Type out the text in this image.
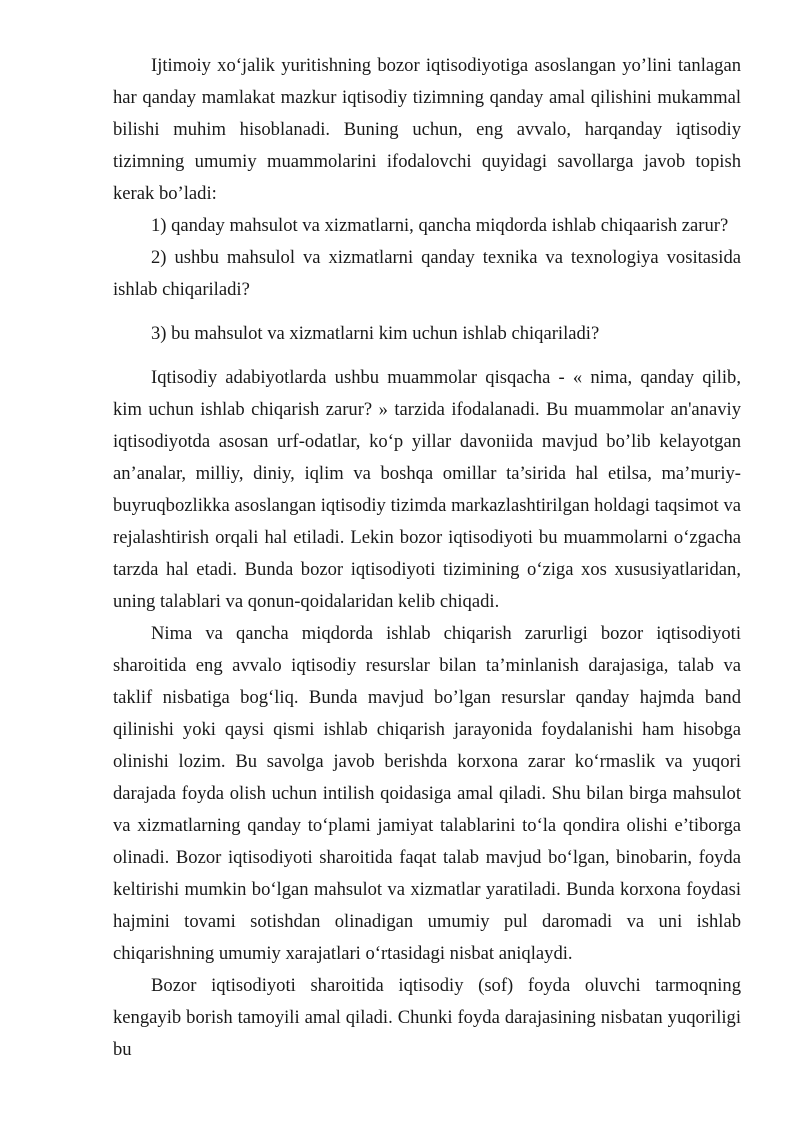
Ijtimoiy xoʻjalik yuritishning bozor iqtisodiyotiga asoslangan yo’lini tanlagan har qanday mamlakat mazkur iqtisodiy tizimning qanday amal qilishini mukammal bilishi muhim hisoblanadi. Buning uchun, eng avvalo, harqanday iqtisodiy tizimning umumiy muammolarini ifodalovchi quyidagi savollarga javob topish kerak bo’ladi:

1) qanday mahsulot va xizmatlarni, qancha miqdorda ishlab chiqaarish zarur?

2) ushbu mahsulol va xizmatlarni qanday texnika va texnologiya vositasida ishlab chiqariladi?

3) bu mahsulot va xizmatlarni kim uchun ishlab chiqariladi?

Iqtisodiy adabiyotlarda ushbu muammolar qisqacha - « nima, qanday qilib, kim uchun ishlab chiqarish zarur? » tarzida ifodalanadi. Bu muammolar an'anaviy iqtisodiyotda asosan urf-odatlar, koʻp yillar davoniida mavjud bo’lib kelayotgan an’analar, milliy, diniy, iqlim va boshqa omillar ta’sirida hal etilsa, ma’muriy-buyruqbozlikka asoslangan iqtisodiy tizimda markazlashtirilgan holdagi taqsimot va rejalashtirish orqali hal etiladi. Lekin bozor iqtisodiyoti bu muammolarni oʻzgacha tarzda hal etadi. Bunda bozor iqtisodiyoti tizimining oʻziga xos xususiyatlaridan, uning talablari va qonun-qoidalaridan kelib chiqadi.

Nima va qancha miqdorda ishlab chiqarish zarurligi bozor iqtisodiyoti sharoitida eng avvalo iqtisodiy resurslar bilan ta’minlanish darajasiga, talab va taklif nisbatiga bogʻliq. Bunda mavjud bo’lgan resurslar qanday hajmda band qilinishi yoki qaysi qismi ishlab chiqarish jarayonida foydalanishi ham hisobga olinishi lozim. Bu savolga javob berishda korxona zarar koʻrmaslik va yuqori darajada foyda olish uchun intilish qoidasiga amal qiladi. Shu bilan birga mahsulot va xizmatlarning qanday toʻplami jamiyat talablarini toʻla qondira olishi e’tiborga olinadi. Bozor iqtisodiyoti sharoitida faqat talab mavjud boʻlgan, binobarin, foyda keltirishi mumkin boʻlgan mahsulot va xizmatlar yaratiladi. Bunda korxona foydasi hajmini tovami sotishdan olinadigan umumiy pul daromadi va uni ishlab chiqarishning umumiy xarajatlari oʻrtasidagi nisbat aniqlaydi.

Bozor iqtisodiyoti sharoitida iqtisodiy (sof) foyda oluvchi tarmoqning kengayib borish tamoyili amal qiladi. Chunki foyda darajasining nisbatan yuqoriligi bu
